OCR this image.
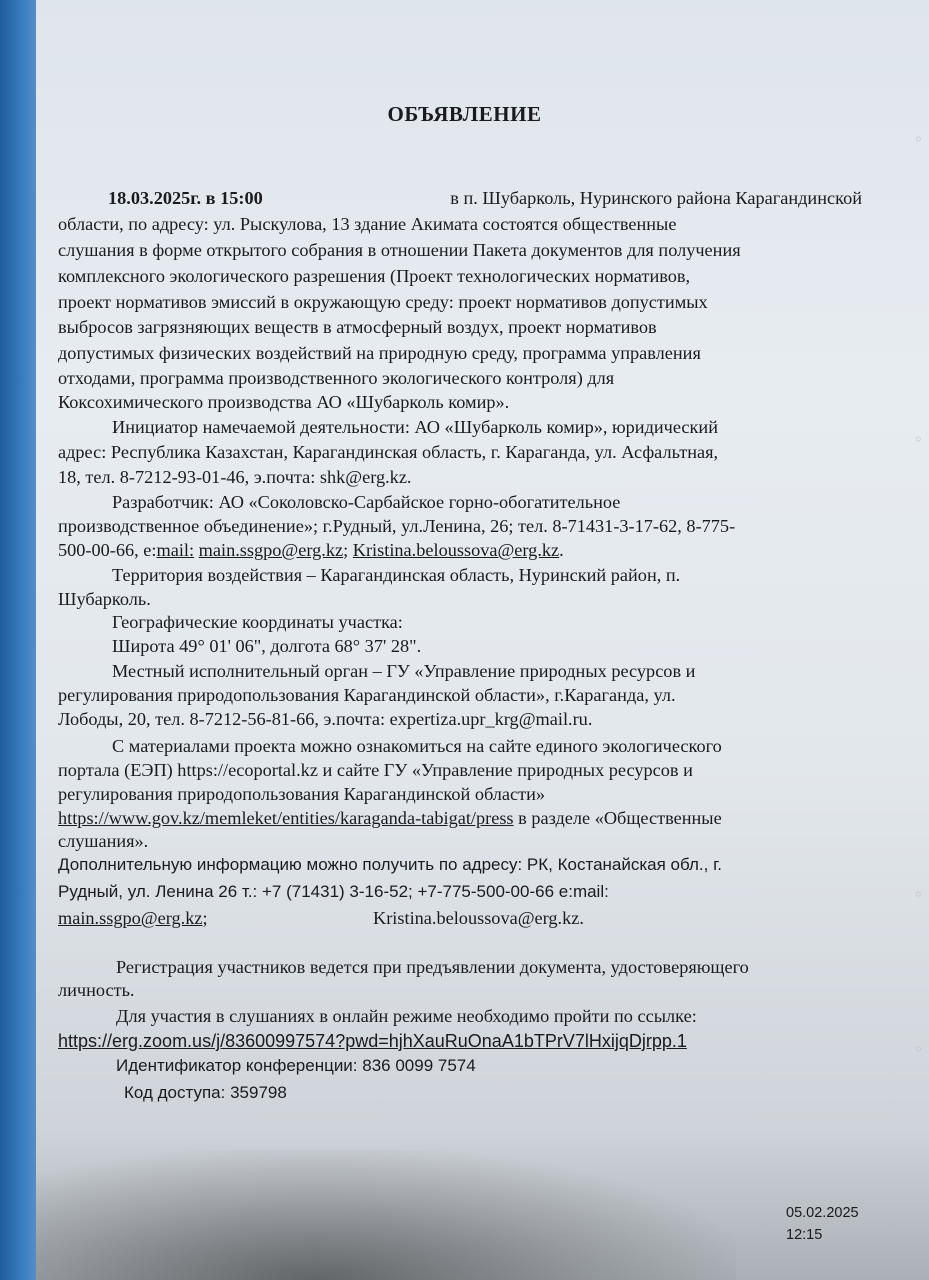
◦
◦
◦
◦
ОБЪЯВЛЕНИЕ
18.03.2025г. в 15:00	в п. Шубарколь, Нуринского района Карагандинской
области, по адресу: ул. Рыскулова, 13 здание Акимата состоятся общественные
слушания в форме открытого собрания в отношении Пакета документов для получения
комплексного экологического разрешения (Проект технологических нормативов,
проект нормативов эмиссий в окружающую среду: проект нормативов допустимых
выбросов загрязняющих веществ в атмосферный воздух, проект нормативов
допустимых физических воздействий на природную среду, программа управления
отходами, программа производственного экологического контроля) для
Коксохимического производства АО «Шубарколь комир».
Инициатор намечаемой деятельности: АО «Шубарколь комир», юридический
адрес: Республика Казахстан, Карагандинская область, г. Караганда, ул. Асфальтная,
18, тел. 8-7212-93-01-46, э.почта: shk@erg.kz.
Разработчик: АО «Соколовско-Сарбайское горно-обогатительное
производственное объединение»; г.Рудный, ул.Ленина, 26; тел. 8-71431-3-17-62, 8-775-
500-00-66, e:mail: main.ssgpo@erg.kz; Kristina.beloussova@erg.kz.
Территория воздействия – Карагандинская область, Нуринский район, п.
Шубарколь.
Географические координаты участка:
Широта 49° 01' 06", долгота 68° 37' 28".
Местный исполнительный орган – ГУ «Управление природных ресурсов и
регулирования природопользования Карагандинской области», г.Караганда, ул.
Лободы, 20, тел. 8-7212-56-81-66, э.почта: expertiza.upr_krg@mail.ru.
С материалами проекта можно ознакомиться на сайте единого экологического
портала (ЕЭП) https://ecoportal.kz и сайте ГУ «Управление природных ресурсов и
регулирования природопользования Карагандинской области»
https://www.gov.kz/memleket/entities/karaganda-tabigat/press в разделе «Общественные
слушания».
Дополнительную информацию можно получить по адресу: РК, Костанайская обл., г.
Рудный, ул. Ленина 26 т.: +7 (71431) 3-16-52; +7-775-500-00-66 e:mail:
main.ssgpo@erg.kz;	Kristina.beloussova@erg.kz.
Регистрация участников ведется при предъявлении документа, удостоверяющего
личность.
Для участия в слушаниях в онлайн режиме необходимо пройти по ссылке:
https://erg.zoom.us/j/83600997574?pwd=hjhXauRuOnaA1bTPrV7lHxijqDjrpp.1
Идентификатор конференции: 836 0099 7574
Код доступа: 359798
05.02.2025
12:15
